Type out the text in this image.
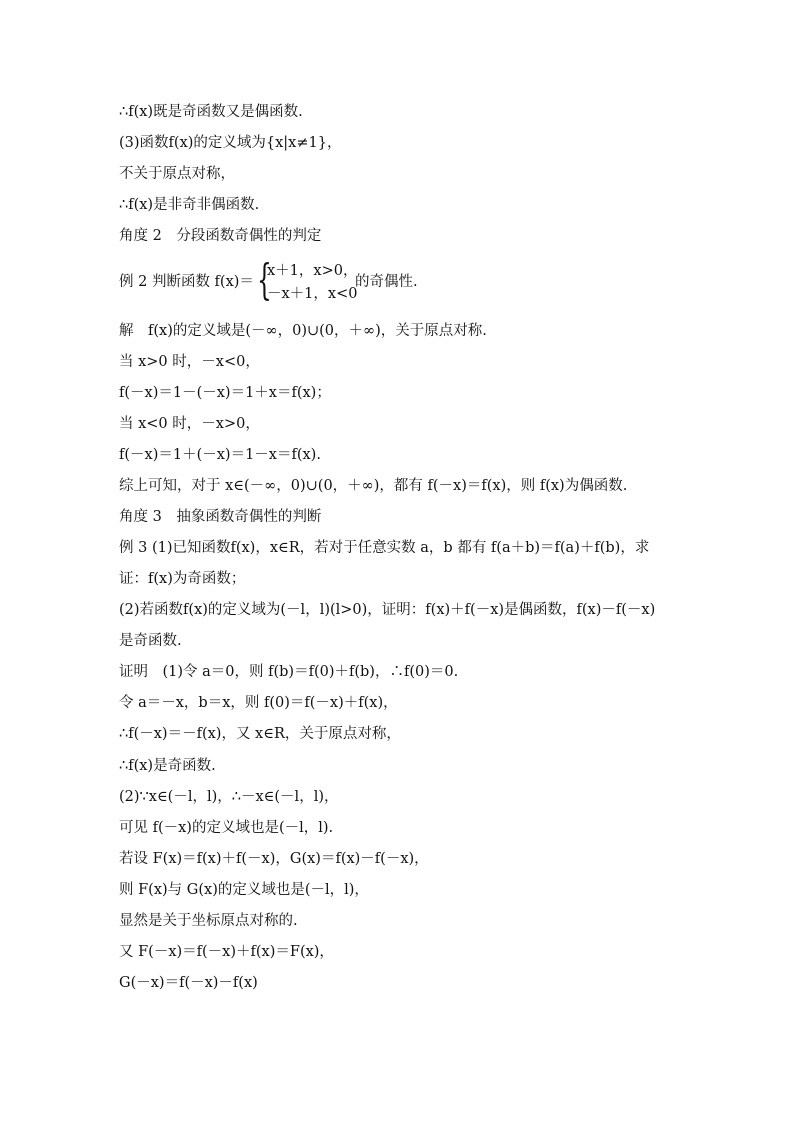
∴f(x)既是奇函数又是偶函数.
(3)函数f(x)的定义域为{x|x≠1}，
不关于原点对称，
∴f(x)是非奇非偶函数.
角度 2　分段函数奇偶性的判定
例 2 判断函数 f(x)＝ {
x＋1，x>0，
－x＋1，x<0
的奇偶性.
解　f(x)的定义域是(－∞，0)∪(0，＋∞)，关于原点对称.
当 x>0 时，－x<0，
f(－x)＝1－(－x)＝1＋x＝f(x)；
当 x<0 时，－x>0，
f(－x)＝1＋(－x)＝1－x＝f(x).
综上可知，对于 x∈(－∞，0)∪(0，＋∞)，都有 f(－x)＝f(x)，则 f(x)为偶函数.
角度 3　抽象函数奇偶性的判断
例 3 (1)已知函数f(x)，x∈R，若对于任意实数 a，b 都有 f(a＋b)＝f(a)＋f(b)，求
证：f(x)为奇函数；
(2)若函数f(x)的定义域为(－l，l)(l>0)，证明：f(x)＋f(－x)是偶函数，f(x)－f(－x)
是奇函数.
证明　(1)令 a＝0，则 f(b)＝f(0)＋f(b)，∴f(0)＝0.
令 a＝－x，b＝x，则 f(0)＝f(－x)＋f(x)，
∴f(－x)＝－f(x)，又 x∈R，关于原点对称，
∴f(x)是奇函数.
(2)∵x∈(－l，l)，∴－x∈(－l，l)，
可见 f(－x)的定义域也是(－l，l).
若设 F(x)＝f(x)＋f(－x)，G(x)＝f(x)－f(－x)，
则 F(x)与 G(x)的定义域也是(－l，l)，
显然是关于坐标原点对称的.
又 F(－x)＝f(－x)＋f(x)＝F(x)，
G(－x)＝f(－x)－f(x)
